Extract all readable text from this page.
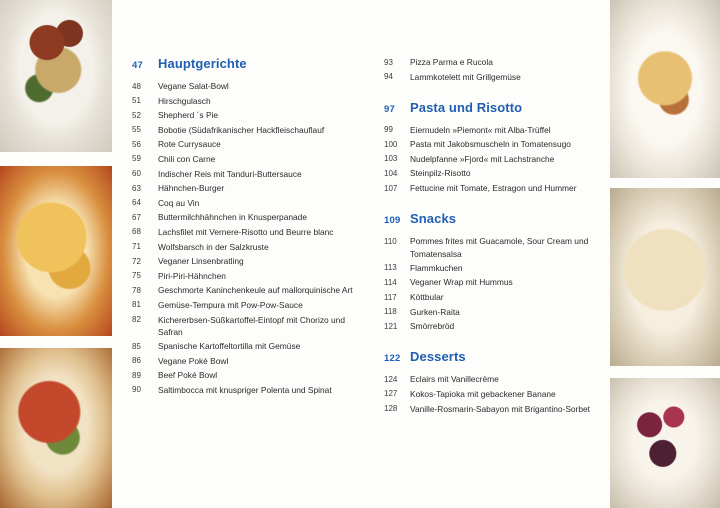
47	Hauptgerichte
48	Vegane Salat-Bowl
51	Hirschgulasch
52	Shepherd ´s Pie
55	Bobotie (Südafrikanischer Hackfleischauflauf
56	Rote Currysauce
59	Chili con Carne
60	Indischer Reis mit Tanduri-Buttersauce
63	Hähnchen-Burger
64	Coq au Vin
67	Buttermilchhähnchen in Knusperpanade
68	Lachsfilet mit Vernere-Risotto und Beurre blanc
71	Wolfsbarsch in der Salzkruste
72	Veganer Linsenbratling
75	Piri-Piri-Hähnchen
78	Geschmorte Kaninchenkeule auf mallorquinische Art
81	Gemüse-Tempura mit Pow-Pow-Sauce
82	Kichererbsen-Süßkartoffel-Eintopf mit Chorizo und Safran
85	Spanische Kartoffeltortilla mit Gemüse
86	Vegane Poké Bowl
89	Beef Poké Bowl
90	Saltimbocca mit knuspriger Polenta und Spinat
93	Pizza Parma e Rucola
94	Lammkotelett mit Grillgemüse
97	Pasta und Risotto
99	Eiernudeln »Piemont« mit Alba-Trüffel
100	Pasta mit Jakobsmuscheln in Tomatensugo
103	Nudelpfanne »Fjord« mit Lachstranche
104	Steinpilz-Risotto
107	Fettucine mit Tomate, Estragon und Hummer
109 Snacks
110	Pommes frites mit Guacamole, Sour Cream und Tomatensalsa
113	Flammkuchen
114	Veganer Wrap mit Hummus
117	Köttbular
118	Gurken-Raita
121	Smörrebröd
122 Desserts
124	Eclairs mit Vanillecrème
127	Kokos-Tapioka mit gebackener Banane
128	Vanille-Rosmarin-Sabayon mit Brigantino-Sorbet
